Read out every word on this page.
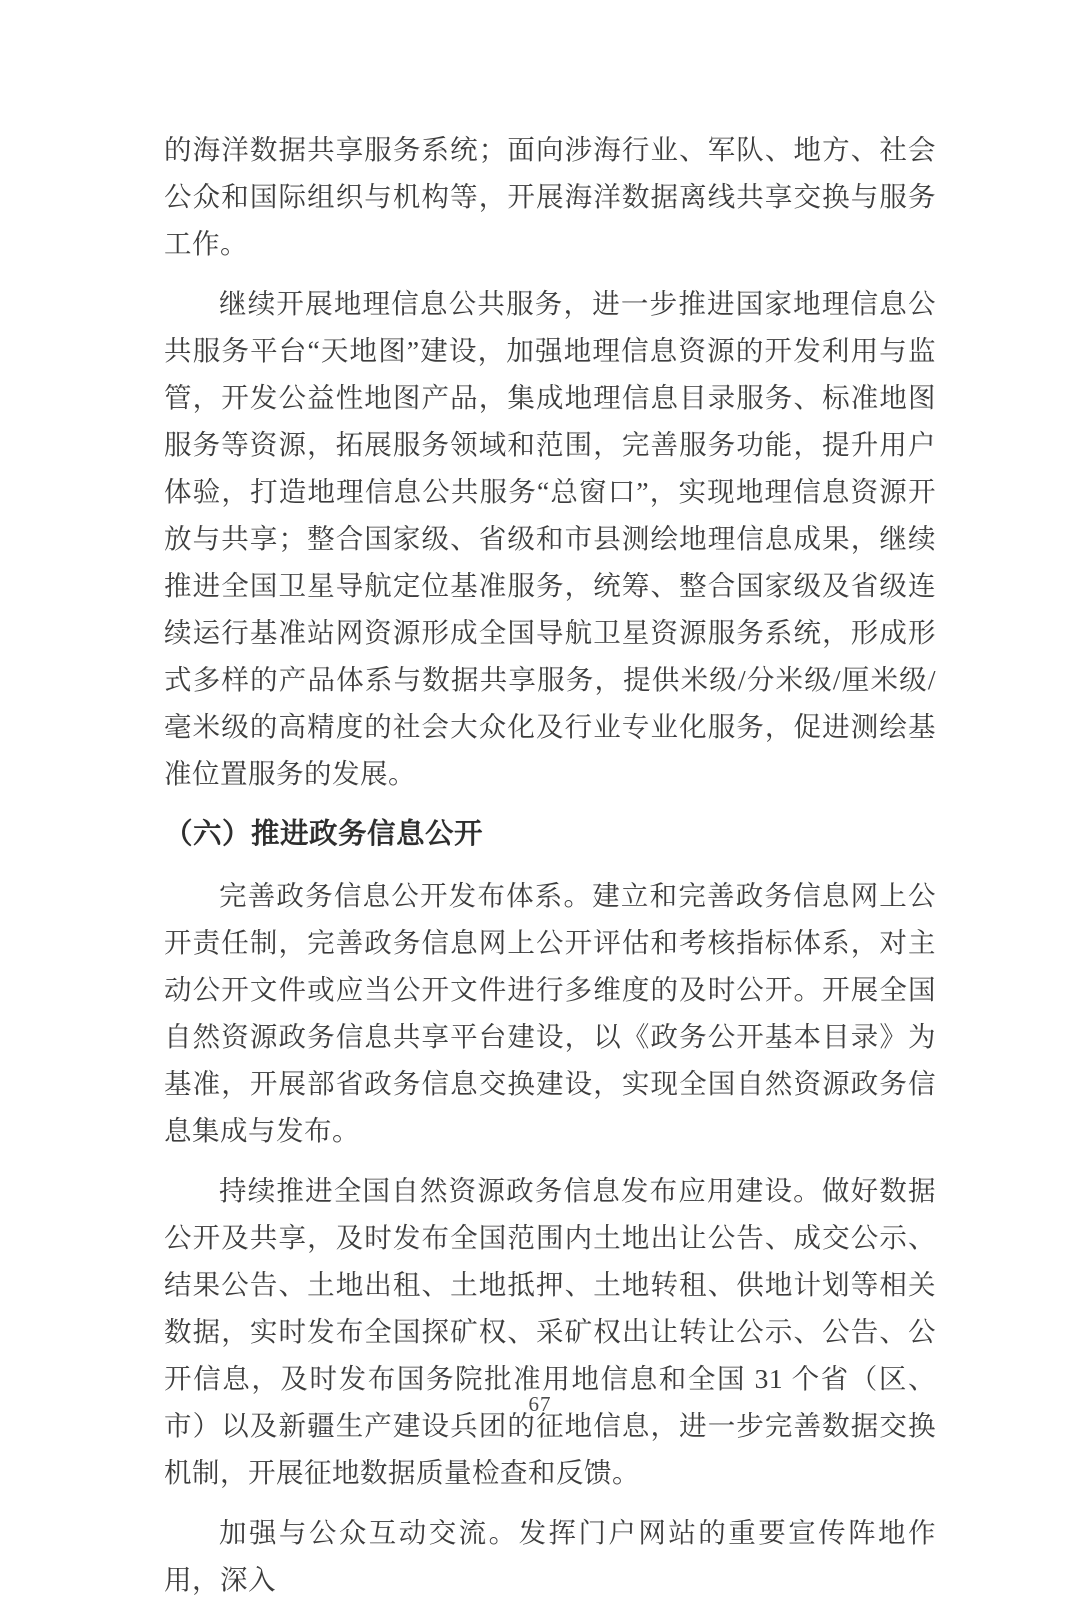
的海洋数据共享服务系统；面向涉海行业、军队、地方、社会公众和国际组织与机构等，开展海洋数据离线共享交换与服务工作。

继续开展地理信息公共服务，进一步推进国家地理信息公共服务平台“天地图”建设，加强地理信息资源的开发利用与监管，开发公益性地图产品，集成地理信息目录服务、标准地图服务等资源，拓展服务领域和范围，完善服务功能，提升用户体验，打造地理信息公共服务“总窗口”，实现地理信息资源开放与共享；整合国家级、省级和市县测绘地理信息成果，继续推进全国卫星导航定位基准服务，统筹、整合国家级及省级连续运行基准站网资源形成全国导航卫星资源服务系统，形成形式多样的产品体系与数据共享服务，提供米级/分米级/厘米级/毫米级的高精度的社会大众化及行业专业化服务，促进测绘基准位置服务的发展。

（六）推进政务信息公开

完善政务信息公开发布体系。建立和完善政务信息网上公开责任制，完善政务信息网上公开评估和考核指标体系，对主动公开文件或应当公开文件进行多维度的及时公开。开展全国自然资源政务信息共享平台建设，以《政务公开基本目录》为基准，开展部省政务信息交换建设，实现全国自然资源政务信息集成与发布。

持续推进全国自然资源政务信息发布应用建设。做好数据公开及共享，及时发布全国范围内土地出让公告、成交公示、结果公告、土地出租、土地抵押、土地转租、供地计划等相关数据，实时发布全国探矿权、采矿权出让转让公示、公告、公开信息，及时发布国务院批准用地信息和全国 31 个省（区、市）以及新疆生产建设兵团的征地信息，进一步完善数据交换机制，开展征地数据质量检查和反馈。

加强与公众互动交流。发挥门户网站的重要宣传阵地作用，深入

67
